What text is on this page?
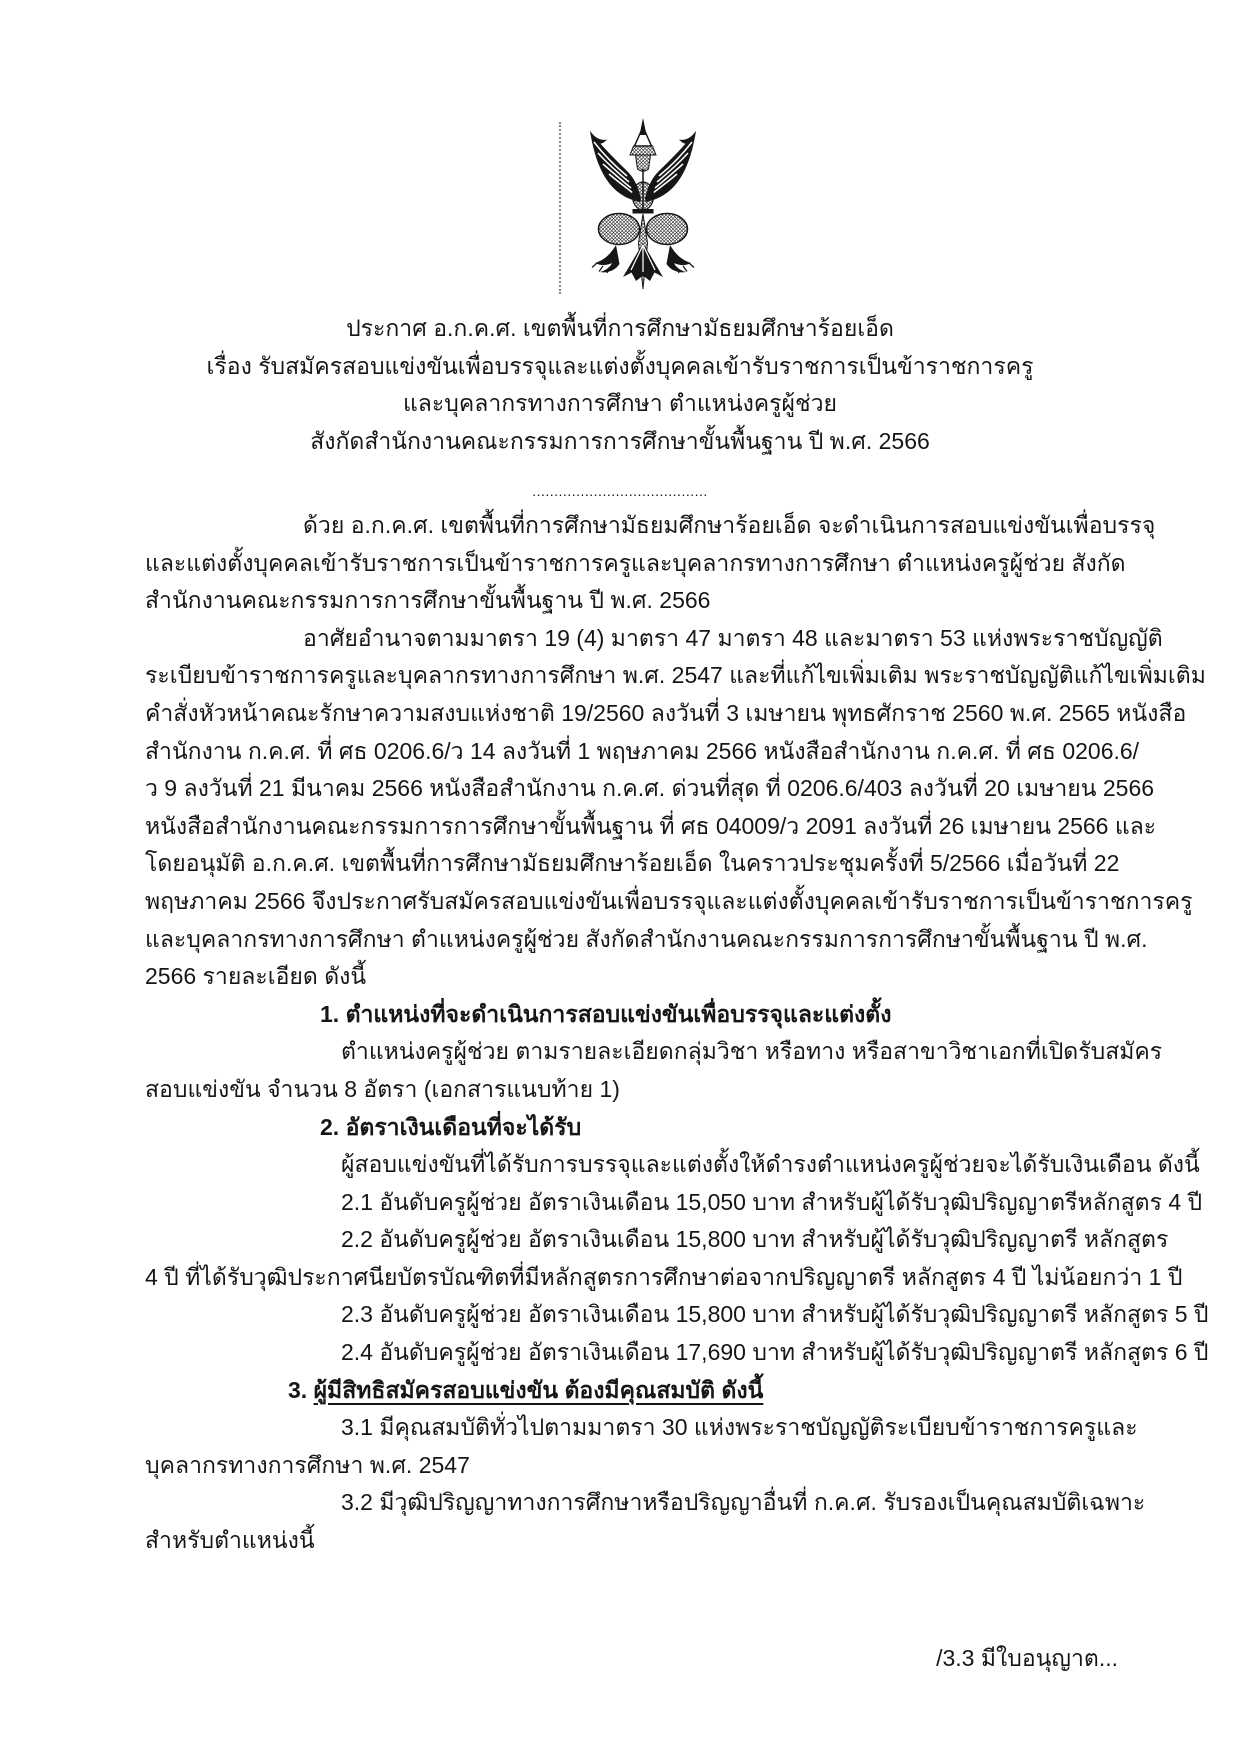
ประกาศ อ.ก.ค.ศ. เขตพื้นที่การศึกษามัธยมศึกษาร้อยเอ็ด
เรื่อง รับสมัครสอบแข่งขันเพื่อบรรจุและแต่งตั้งบุคคลเข้ารับราชการเป็นข้าราชการครู
และบุคลากรทางการศึกษา ตำแหน่งครูผู้ช่วย
สังกัดสำนักงานคณะกรรมการการศึกษาขั้นพื้นฐาน ปี พ.ศ. 2566
........................................
ด้วย อ.ก.ค.ศ. เขตพื้นที่การศึกษามัธยมศึกษาร้อยเอ็ด จะดำเนินการสอบแข่งขันเพื่อบรรจุ
และแต่งตั้งบุคคลเข้ารับราชการเป็นข้าราชการครูและบุคลากรทางการศึกษา ตำแหน่งครูผู้ช่วย สังกัด
สำนักงานคณะกรรมการการศึกษาขั้นพื้นฐาน ปี พ.ศ. 2566
อาศัยอำนาจตามมาตรา 19 (4) มาตรา 47 มาตรา 48 และมาตรา 53 แห่งพระราชบัญญัติ
ระเบียบข้าราชการครูและบุคลากรทางการศึกษา พ.ศ. 2547 และที่แก้ไขเพิ่มเติม พระราชบัญญัติแก้ไขเพิ่มเติม
คำสั่งหัวหน้าคณะรักษาความสงบแห่งชาติ 19/2560 ลงวันที่ 3 เมษายน พุทธศักราช 2560 พ.ศ. 2565 หนังสือ
สำนักงาน ก.ค.ศ. ที่ ศธ 0206.6/ว 14 ลงวันที่ 1 พฤษภาคม 2566 หนังสือสำนักงาน ก.ค.ศ. ที่ ศธ 0206.6/
ว 9 ลงวันที่ 21 มีนาคม 2566 หนังสือสำนักงาน ก.ค.ศ. ด่วนที่สุด ที่ 0206.6/403 ลงวันที่ 20 เมษายน 2566
หนังสือสำนักงานคณะกรรมการการศึกษาขั้นพื้นฐาน ที่ ศธ 04009/ว 2091 ลงวันที่ 26 เมษายน 2566 และ
โดยอนุมัติ อ.ก.ค.ศ. เขตพื้นที่การศึกษามัธยมศึกษาร้อยเอ็ด ในคราวประชุมครั้งที่ 5/2566 เมื่อวันที่ 22
พฤษภาคม 2566 จึงประกาศรับสมัครสอบแข่งขันเพื่อบรรจุและแต่งตั้งบุคคลเข้ารับราชการเป็นข้าราชการครู
และบุคลากรทางการศึกษา ตำแหน่งครูผู้ช่วย สังกัดสำนักงานคณะกรรมการการศึกษาขั้นพื้นฐาน ปี พ.ศ.
2566 รายละเอียด ดังนี้
1. ตำแหน่งที่จะดำเนินการสอบแข่งขันเพื่อบรรจุและแต่งตั้ง
ตำแหน่งครูผู้ช่วย ตามรายละเอียดกลุ่มวิชา หรือทาง หรือสาขาวิชาเอกที่เปิดรับสมัคร
สอบแข่งขัน จำนวน 8 อัตรา (เอกสารแนบท้าย 1)
2. อัตราเงินเดือนที่จะได้รับ
ผู้สอบแข่งขันที่ได้รับการบรรจุและแต่งตั้งให้ดำรงตำแหน่งครูผู้ช่วยจะได้รับเงินเดือน ดังนี้
2.1 อันดับครูผู้ช่วย อัตราเงินเดือน 15,050 บาท สำหรับผู้ได้รับวุฒิปริญญาตรีหลักสูตร 4 ปี
2.2 อันดับครูผู้ช่วย อัตราเงินเดือน 15,800 บาท สำหรับผู้ได้รับวุฒิปริญญาตรี หลักสูตร
4 ปี ที่ได้รับวุฒิประกาศนียบัตรบัณฑิตที่มีหลักสูตรการศึกษาต่อจากปริญญาตรี หลักสูตร 4 ปี ไม่น้อยกว่า 1 ปี
2.3 อันดับครูผู้ช่วย อัตราเงินเดือน 15,800 บาท สำหรับผู้ได้รับวุฒิปริญญาตรี หลักสูตร 5 ปี
2.4 อันดับครูผู้ช่วย อัตราเงินเดือน 17,690 บาท สำหรับผู้ได้รับวุฒิปริญญาตรี หลักสูตร 6 ปี
3. ผู้มีสิทธิสมัครสอบแข่งขัน ต้องมีคุณสมบัติ ดังนี้
3.1 มีคุณสมบัติทั่วไปตามมาตรา 30 แห่งพระราชบัญญัติระเบียบข้าราชการครูและ
บุคลากรทางการศึกษา พ.ศ. 2547
3.2 มีวุฒิปริญญาทางการศึกษาหรือปริญญาอื่นที่ ก.ค.ศ. รับรองเป็นคุณสมบัติเฉพาะ
สำหรับตำแหน่งนี้
/3.3 มีใบอนุญาต...
